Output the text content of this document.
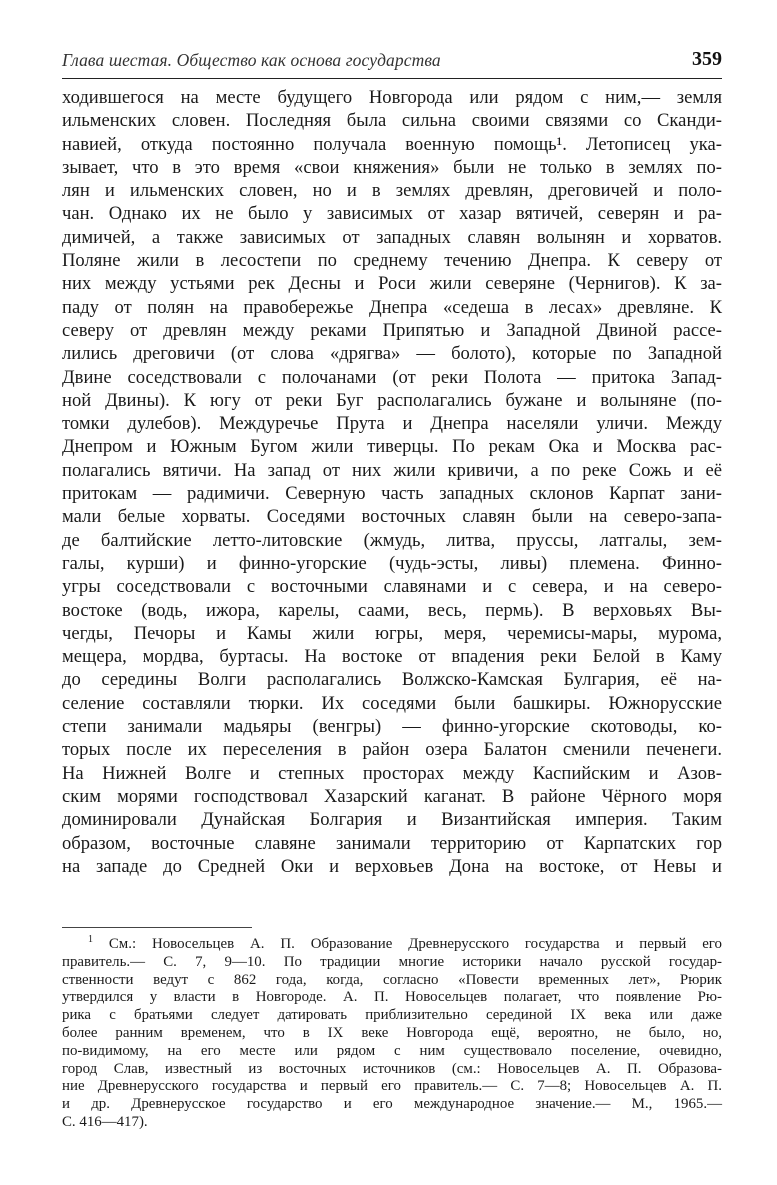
Глава шестая. Общество как основа государства	359
ходившегося на месте будущего Новгорода или рядом с ним,— земля
ильменских словен. Последняя была сильна своими связями со Сканди-
навией, откуда постоянно получала военную помощь¹. Летописец ука-
зывает, что в это время «свои княжения» были не только в землях по-
лян и ильменских словен, но и в землях древлян, дреговичей и поло-
чан. Однако их не было у зависимых от хазар вятичей, северян и ра-
димичей, а также зависимых от западных славян волынян и хорватов.
Поляне жили в лесостепи по среднему течению Днепра. К северу от
них между устьями рек Десны и Роси жили северяне (Чернигов). К за-
паду от полян на правобережье Днепра «седеша в лесах» древляне. К
северу от древлян между реками Припятью и Западной Двиной рассе-
лились дреговичи (от слова «дрягва» — болото), которые по Западной
Двине соседствовали с полочанами (от реки Полота — притока Запад-
ной Двины). К югу от реки Буг располагались бужане и волыняне (по-
томки дулебов). Междуречье Прута и Днепра населяли уличи. Между
Днепром и Южным Бугом жили тиверцы. По рекам Ока и Москва рас-
полагались вятичи. На запад от них жили кривичи, а по реке Сожь и её
притокам — радимичи. Северную часть западных склонов Карпат зани-
мали белые хорваты. Соседями восточных славян были на северо-запа-
де балтийские летто-литовские (жмудь, литва, пруссы, латгалы, зем-
галы, курши) и финно-угорские (чудь-эсты, ливы) племена. Финно-
угры соседствовали с восточными славянами и с севера, и на северо-
востоке (водь, ижора, карелы, саами, весь, пермь). В верховьях Вы-
чегды, Печоры и Камы жили югры, меря, черемисы-мары, мурома,
мещера, мордва, буртасы. На востоке от впадения реки Белой в Каму
до середины Волги располагались Волжско-Камская Булгария, её на-
селение составляли тюрки. Их соседями были башкиры. Южнорусские
степи занимали мадьяры (венгры) — финно-угорские скотоводы, ко-
торых после их переселения в район озера Балатон сменили печенеги.
На Нижней Волге и степных просторах между Каспийским и Азов-
ским морями господствовал Хазарский каганат. В районе Чёрного моря
доминировали Дунайская Болгария и Византийская империя. Таким
образом, восточные славяне занимали территорию от Карпатских гор
на западе до Средней Оки и верховьев Дона на востоке, от Невы и
$^1$ См.: Новосельцев А. П. Образование Древнерусского государства и первый его
правитель.— С. 7, 9—10. По традиции многие историки начало русской государ-
ственности ведут с 862 года, когда, согласно «Повести временных лет», Рюрик
утвердился у власти в Новгороде. А. П. Новосельцев полагает, что появление Рю-
рика с братьями следует датировать приблизительно серединой IX века или даже
более ранним временем, что в IX веке Новгорода ещё, вероятно, не было, но,
по-видимому, на его месте или рядом с ним существовало поселение, очевидно,
город Слав, известный из восточных источников (см.: Новосельцев А. П. Образова-
ние Древнерусского государства и первый его правитель.— С. 7—8; Новосельцев А. П.
и др. Древнерусское государство и его международное значение.— М., 1965.—
С. 416—417).
